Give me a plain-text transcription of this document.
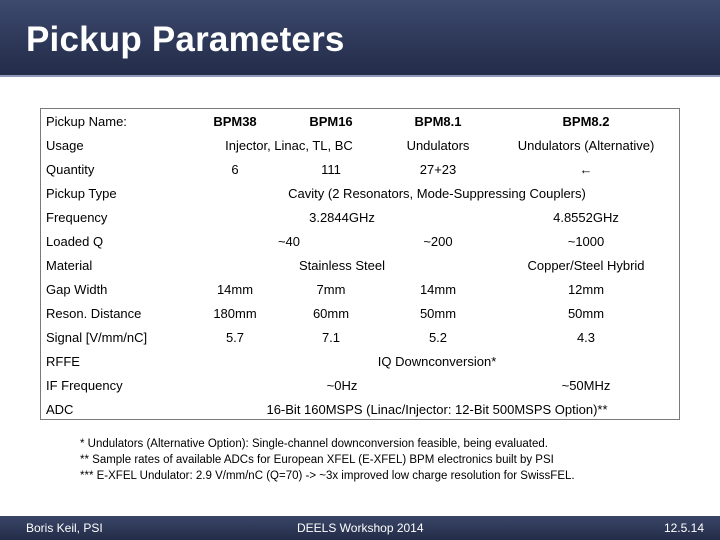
Pickup Parameters
Pickup Name:	BPM38	BPM16	BPM8.1	BPM8.2
Usage	Injector, Linac, TL, BC		Undulators	Undulators (Alternative)
Quantity	6	111	27+23	←
Pickup Type	Cavity (2 Resonators, Mode-Suppressing Couplers)			
Frequency	3.2844GHz			4.8552GHz
Loaded Q	~40		~200	~1000
Material	Stainless Steel			Copper/Steel Hybrid
Gap Width	14mm	7mm	14mm	12mm
Reson. Distance	180mm	60mm	50mm	50mm
Signal [V/mm/nC]	5.7	7.1	5.2	4.3
RFFE	IQ Downconversion*			
IF Frequency	~0Hz			~50MHz
ADC	16-Bit 160MSPS (Linac/Injector: 12-Bit 500MSPS Option)**			
* Undulators (Alternative Option): Single-channel downconversion feasible, being evaluated.
** Sample rates of available ADCs for European XFEL (E-XFEL) BPM electronics built by PSI
*** E-XFEL Undulator: 2.9 V/mm/nC (Q=70) -> ~3x improved low charge resolution for SwissFEL.
Boris Keil, PSI	DEELS Workshop 2014	12.5.14
